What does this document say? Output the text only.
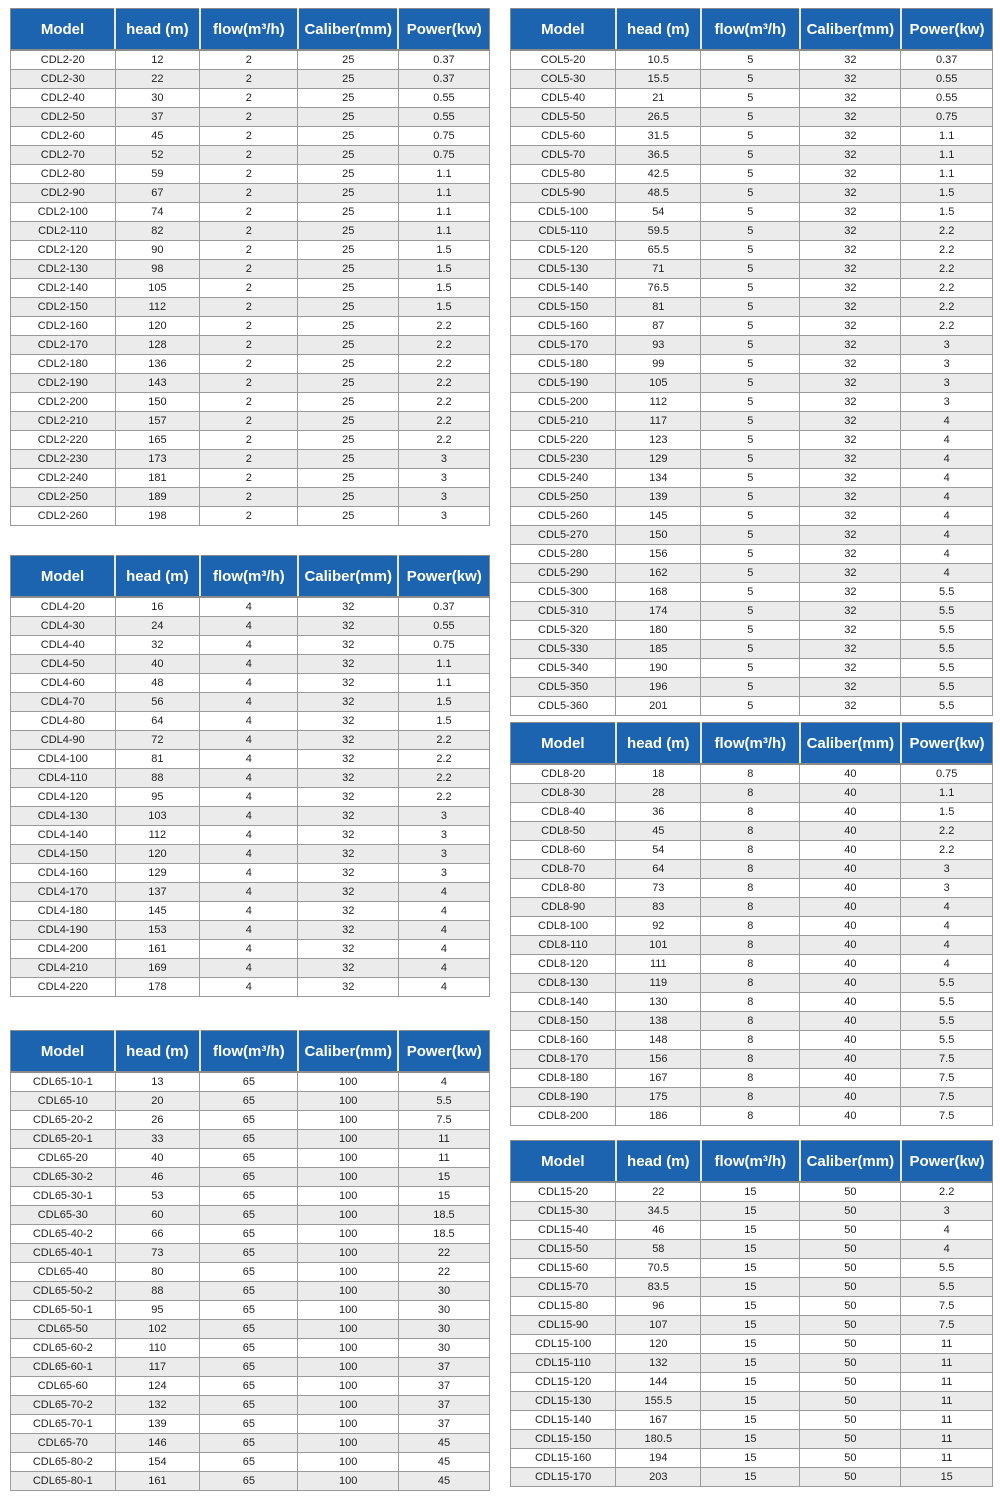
Model	head (m)	flow(m³/h)	Caliber(mm)	Power(kw)
CDL2-20	12	2	25	0.37
CDL2-30	22	2	25	0.37
CDL2-40	30	2	25	0.55
CDL2-50	37	2	25	0.55
CDL2-60	45	2	25	0.75
CDL2-70	52	2	25	0.75
CDL2-80	59	2	25	1.1
CDL2-90	67	2	25	1.1
CDL2-100	74	2	25	1.1
CDL2-110	82	2	25	1.1
CDL2-120	90	2	25	1.5
CDL2-130	98	2	25	1.5
CDL2-140	105	2	25	1.5
CDL2-150	112	2	25	1.5
CDL2-160	120	2	25	2.2
CDL2-170	128	2	25	2.2
CDL2-180	136	2	25	2.2
CDL2-190	143	2	25	2.2
CDL2-200	150	2	25	2.2
CDL2-210	157	2	25	2.2
CDL2-220	165	2	25	2.2
CDL2-230	173	2	25	3
CDL2-240	181	2	25	3
CDL2-250	189	2	25	3
CDL2-260	198	2	25	3
Model	head (m)	flow(m³/h)	Caliber(mm)	Power(kw)
CDL4-20	16	4	32	0.37
CDL4-30	24	4	32	0.55
CDL4-40	32	4	32	0.75
CDL4-50	40	4	32	1.1
CDL4-60	48	4	32	1.1
CDL4-70	56	4	32	1.5
CDL4-80	64	4	32	1.5
CDL4-90	72	4	32	2.2
CDL4-100	81	4	32	2.2
CDL4-110	88	4	32	2.2
CDL4-120	95	4	32	2.2
CDL4-130	103	4	32	3
CDL4-140	112	4	32	3
CDL4-150	120	4	32	3
CDL4-160	129	4	32	3
CDL4-170	137	4	32	4
CDL4-180	145	4	32	4
CDL4-190	153	4	32	4
CDL4-200	161	4	32	4
CDL4-210	169	4	32	4
CDL4-220	178	4	32	4
Model	head (m)	flow(m³/h)	Caliber(mm)	Power(kw)
CDL65-10-1	13	65	100	4
CDL65-10	20	65	100	5.5
CDL65-20-2	26	65	100	7.5
CDL65-20-1	33	65	100	11
CDL65-20	40	65	100	11
CDL65-30-2	46	65	100	15
CDL65-30-1	53	65	100	15
CDL65-30	60	65	100	18.5
CDL65-40-2	66	65	100	18.5
CDL65-40-1	73	65	100	22
CDL65-40	80	65	100	22
CDL65-50-2	88	65	100	30
CDL65-50-1	95	65	100	30
CDL65-50	102	65	100	30
CDL65-60-2	110	65	100	30
CDL65-60-1	117	65	100	37
CDL65-60	124	65	100	37
CDL65-70-2	132	65	100	37
CDL65-70-1	139	65	100	37
CDL65-70	146	65	100	45
CDL65-80-2	154	65	100	45
CDL65-80-1	161	65	100	45
Model	head (m)	flow(m³/h)	Caliber(mm)	Power(kw)
COL5-20	10.5	5	32	0.37
COL5-30	15.5	5	32	0.55
CDL5-40	21	5	32	0.55
CDL5-50	26.5	5	32	0.75
CDL5-60	31.5	5	32	1.1
CDL5-70	36.5	5	32	1.1
CDL5-80	42.5	5	32	1.1
CDL5-90	48.5	5	32	1.5
CDL5-100	54	5	32	1.5
CDL5-110	59.5	5	32	2.2
CDL5-120	65.5	5	32	2.2
CDL5-130	71	5	32	2.2
CDL5-140	76.5	5	32	2.2
CDL5-150	81	5	32	2.2
CDL5-160	87	5	32	2.2
CDL5-170	93	5	32	3
CDL5-180	99	5	32	3
CDL5-190	105	5	32	3
CDL5-200	112	5	32	3
CDL5-210	117	5	32	4
CDL5-220	123	5	32	4
CDL5-230	129	5	32	4
CDL5-240	134	5	32	4
CDL5-250	139	5	32	4
CDL5-260	145	5	32	4
CDL5-270	150	5	32	4
CDL5-280	156	5	32	4
CDL5-290	162	5	32	4
CDL5-300	168	5	32	5.5
CDL5-310	174	5	32	5.5
CDL5-320	180	5	32	5.5
CDL5-330	185	5	32	5.5
CDL5-340	190	5	32	5.5
CDL5-350	196	5	32	5.5
CDL5-360	201	5	32	5.5
Model	head (m)	flow(m³/h)	Caliber(mm)	Power(kw)
CDL8-20	18	8	40	0.75
CDL8-30	28	8	40	1.1
CDL8-40	36	8	40	1.5
CDL8-50	45	8	40	2.2
CDL8-60	54	8	40	2.2
CDL8-70	64	8	40	3
CDL8-80	73	8	40	3
CDL8-90	83	8	40	4
CDL8-100	92	8	40	4
CDL8-110	101	8	40	4
CDL8-120	111	8	40	4
CDL8-130	119	8	40	5.5
CDL8-140	130	8	40	5.5
CDL8-150	138	8	40	5.5
CDL8-160	148	8	40	5.5
CDL8-170	156	8	40	7.5
CDL8-180	167	8	40	7.5
CDL8-190	175	8	40	7.5
CDL8-200	186	8	40	7.5
Model	head (m)	flow(m³/h)	Caliber(mm)	Power(kw)
CDL15-20	22	15	50	2.2
CDL15-30	34.5	15	50	3
CDL15-40	46	15	50	4
CDL15-50	58	15	50	4
CDL15-60	70.5	15	50	5.5
CDL15-70	83.5	15	50	5.5
CDL15-80	96	15	50	7.5
CDL15-90	107	15	50	7.5
CDL15-100	120	15	50	11
CDL15-110	132	15	50	11
CDL15-120	144	15	50	11
CDL15-130	155.5	15	50	11
CDL15-140	167	15	50	11
CDL15-150	180.5	15	50	11
CDL15-160	194	15	50	11
CDL15-170	203	15	50	15
